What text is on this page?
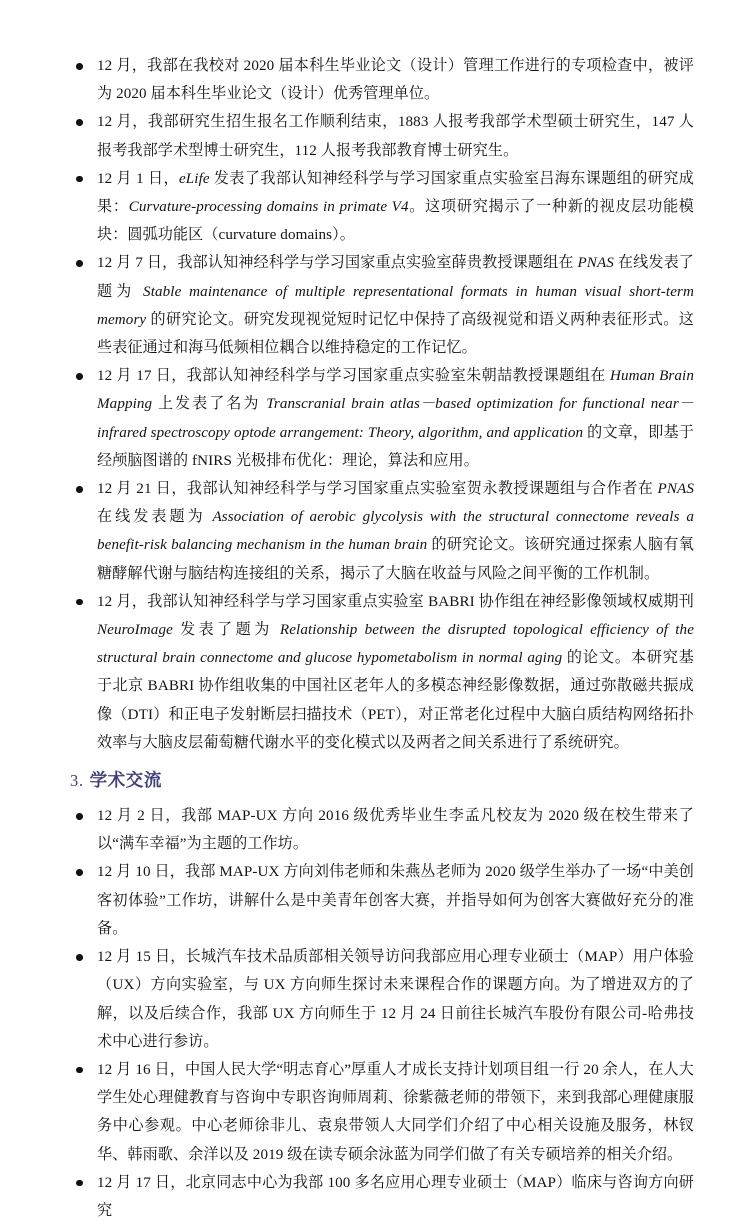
12 月，我部在我校对 2020 届本科生毕业论文（设计）管理工作进行的专项检查中，被评为 2020 届本科生毕业论文（设计）优秀管理单位。
12 月，我部研究生招生报名工作顺利结束，1883 人报考我部学术型硕士研究生，147 人报考我部学术型博士研究生，112 人报考我部教育博士研究生。
12 月 1 日，eLife 发表了我部认知神经科学与学习国家重点实验室吕海东课题组的研究成果：Curvature-processing domains in primate V4。这项研究揭示了一种新的视皮层功能模块：圆弧功能区（curvature domains）。
12 月 7 日，我部认知神经科学与学习国家重点实验室薛贵教授课题组在 PNAS 在线发表了题为 Stable maintenance of multiple representational formats in human visual short-term memory 的研究论文。研究发现视觉短时记忆中保持了高级视觉和语义两种表征形式。这些表征通过和海马低频相位耦合以维持稳定的工作记忆。
12 月 17 日，我部认知神经科学与学习国家重点实验室朱朝喆教授课题组在 Human Brain Mapping 上发表了名为 Transcranial brain atlas－based optimization for functional near－infrared spectroscopy optode arrangement: Theory, algorithm, and application 的文章，即基于经颅脑图谱的 fNIRS 光极排布优化：理论，算法和应用。
12 月 21 日，我部认知神经科学与学习国家重点实验室贺永教授课题组与合作者在 PNAS 在线发表题为 Association of aerobic glycolysis with the structural connectome reveals a benefit-risk balancing mechanism in the human brain 的研究论文。该研究通过探索人脑有氧糖酵解代谢与脑结构连接组的关系，揭示了大脑在收益与风险之间平衡的工作机制。
12 月，我部认知神经科学与学习国家重点实验室 BABRI 协作组在神经影像领域权威期刊 NeuroImage 发表了题为 Relationship between the disrupted topological efficiency of the structural brain connectome and glucose hypometabolism in normal aging 的论文。本研究基于北京 BABRI 协作组收集的中国社区老年人的多模态神经影像数据，通过弥散磁共振成像（DTI）和正电子发射断层扫描技术（PET），对正常老化过程中大脑白质结构网络拓扑效率与大脑皮层葡萄糖代谢水平的变化模式以及两者之间关系进行了系统研究。
3. 学术交流
12 月 2 日，我部 MAP-UX 方向 2016 级优秀毕业生李孟凡校友为 2020 级在校生带来了以“满车幸福”为主题的工作坊。
12 月 10 日，我部 MAP-UX 方向刘伟老师和朱燕丛老师为 2020 级学生举办了一场“中美创客初体验”工作坊，讲解什么是中美青年创客大赛，并指导如何为创客大赛做好充分的准备。
12 月 15 日，长城汽车技术品质部相关领导访问我部应用心理专业硕士（MAP）用户体验（UX）方向实验室，与 UX 方向师生探讨未来课程合作的课题方向。为了增进双方的了解，以及后续合作，我部 UX 方向师生于 12 月 24 日前往长城汽车股份有限公司-哈弗技术中心进行参访。
12 月 16 日，中国人民大学“明志育心”厚重人才成长支持计划项目组一行 20 余人，在人大学生处心理健教育与咨询中专职咨询师周莉、徐紫薇老师的带领下，来到我部心理健康服务中心参观。中心老师徐非儿、袁泉带领人大同学们介绍了中心相关设施及服务，林钗华、韩雨歌、余洋以及 2019 级在读专硕余泳蓝为同学们做了有关专硕培养的相关介绍。
12 月 17 日，北京同志中心为我部 100 多名应用心理专业硕士（MAP）临床与咨询方向研究
